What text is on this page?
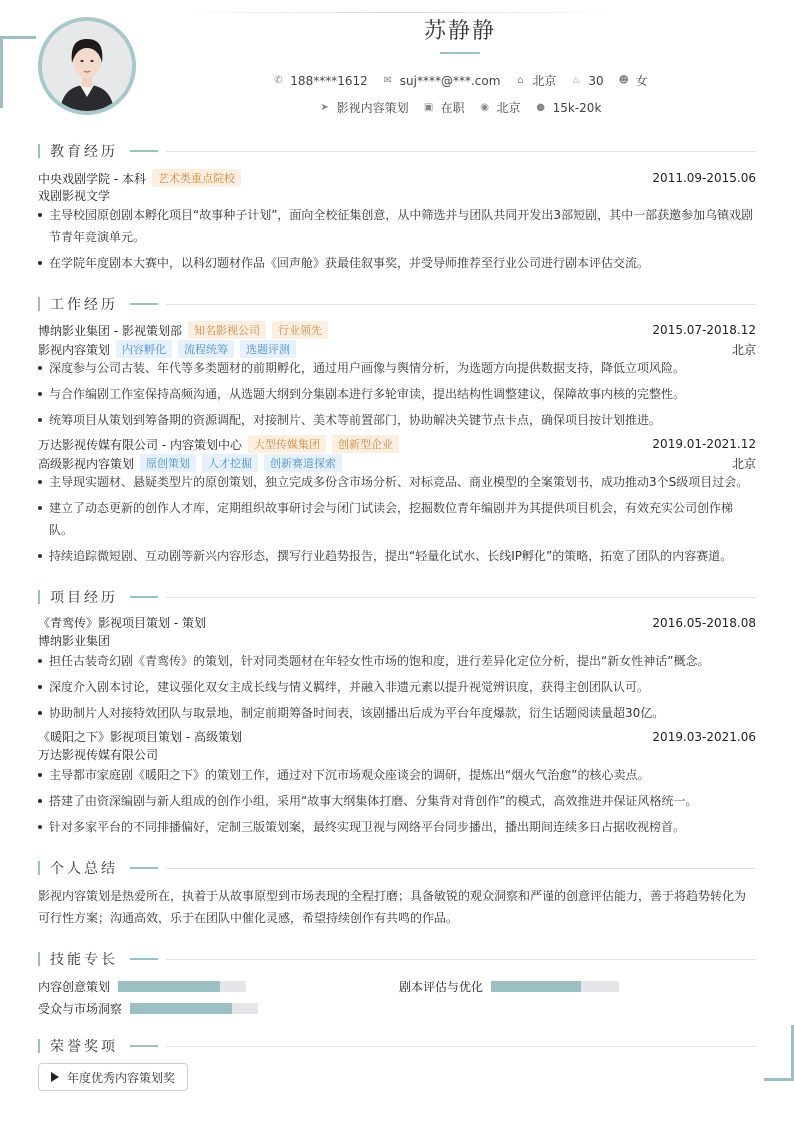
苏静静
✆ 188****1612 ✉ suj****@***.com ⌂ 北京 ♨ 30 ☻ 女
➤ 影视内容策划 ▣ 在职 ◉ 北京 ● 15k-20k
教育经历
中央戏剧学院 - 本科	艺术类重点院校	2011.09-2015.06
戏剧影视文学
主导校园原创剧本孵化项目“故事种子计划”，面向全校征集创意，从中筛选并与团队共同开发出3部短剧，其中一部获邀参加乌镇戏剧节青年竞演单元。
在学院年度剧本大赛中，以科幻题材作品《回声舱》获最佳叙事奖，并受导师推荐至行业公司进行剧本评估交流。
工作经历
博纳影业集团 - 影视策划部	知名影视公司	行业领先	2015.07-2018.12
影视内容策划	内容孵化	流程统筹	选题评测	北京
深度参与公司古装、年代等多类题材的前期孵化，通过用户画像与舆情分析，为选题方向提供数据支持，降低立项风险。
与合作编剧工作室保持高频沟通，从选题大纲到分集剧本进行多轮审读，提出结构性调整建议，保障故事内核的完整性。
统筹项目从策划到筹备期的资源调配，对接制片、美术等前置部门，协助解决关键节点卡点，确保项目按计划推进。
万达影视传媒有限公司 - 内容策划中心	大型传媒集团	创新型企业	2019.01-2021.12
高级影视内容策划	原创策划	人才挖掘	创新赛道探索	北京
主导现实题材、悬疑类型片的原创策划，独立完成多份含市场分析、对标竞品、商业模型的全案策划书，成功推动3个S级项目过会。
建立了动态更新的创作人才库，定期组织故事研讨会与闭门试读会，挖掘数位青年编剧并为其提供项目机会，有效充实公司创作梯队。
持续追踪微短剧、互动剧等新兴内容形态，撰写行业趋势报告，提出“轻量化试水、长线IP孵化”的策略，拓宽了团队的内容赛道。
项目经历
《青鸾传》影视项目策划 - 策划	2016.05-2018.08
博纳影业集团
担任古装奇幻剧《青鸾传》的策划，针对同类题材在年轻女性市场的饱和度，进行差异化定位分析，提出“新女性神话”概念。
深度介入剧本讨论，建议强化双女主成长线与情义羁绊，并融入非遗元素以提升视觉辨识度，获得主创团队认可。
协助制片人对接特效团队与取景地，制定前期筹备时间表，该剧播出后成为平台年度爆款，衍生话题阅读量超30亿。
《暖阳之下》影视项目策划 - 高级策划	2019.03-2021.06
万达影视传媒有限公司
主导都市家庭剧《暖阳之下》的策划工作，通过对下沉市场观众座谈会的调研，提炼出“烟火气治愈”的核心卖点。
搭建了由资深编剧与新人组成的创作小组，采用“故事大纲集体打磨、分集背对背创作”的模式，高效推进并保证风格统一。
针对多家平台的不同排播偏好，定制三版策划案，最终实现卫视与网络平台同步播出，播出期间连续多日占据收视榜首。
个人总结
影视内容策划是热爱所在，执着于从故事原型到市场表现的全程打磨；具备敏锐的观众洞察和严谨的创意评估能力，善于将趋势转化为可行性方案；沟通高效，乐于在团队中催化灵感，希望持续创作有共鸣的作品。
技能专长
内容创意策划	剧本评估与优化
受众与市场洞察
荣誉奖项
年度优秀内容策划奖
